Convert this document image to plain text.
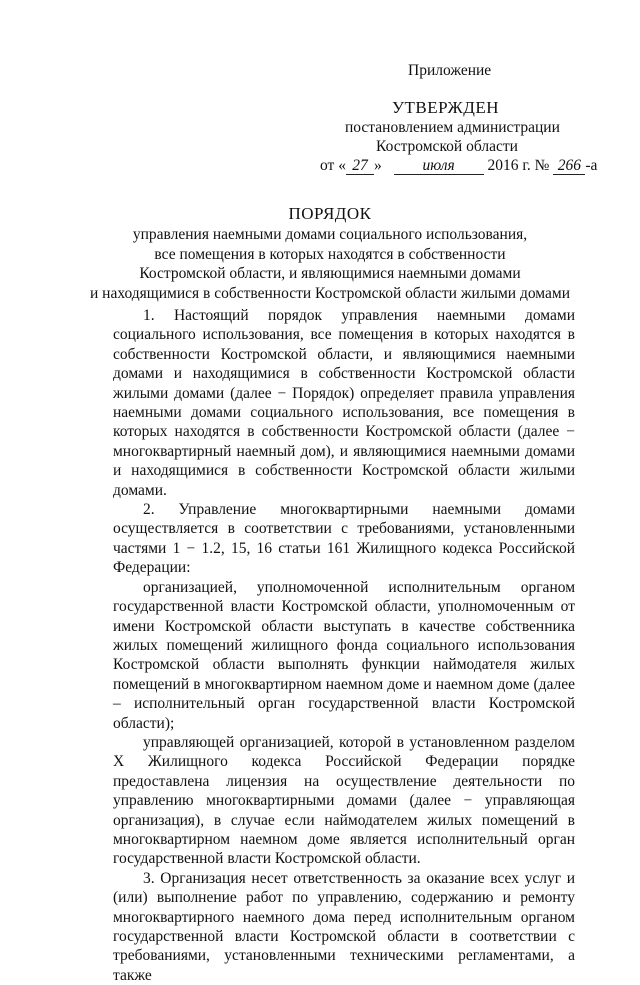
Приложение
УТВЕРЖДЕН
постановлением администрации
Костромской области
от « 27 »	июля 2016 г. № 266 -а
ПОРЯДОК
управления наемными домами социального использования,
все помещения в которых находятся в собственности
Костромской области, и являющимися наемными домами
и находящимися в собственности Костромской области жилыми домами

1. Настоящий порядок управления наемными домами социального использования, все помещения в которых находятся в собственности Костромской области, и являющимися наемными домами и находящимися в собственности Костромской области жилыми домами (далее − Порядок) определяет правила управления наемными домами социального использования, все помещения в которых находятся в собственности Костромской области (далее − многоквартирный наемный дом), и являющимися наемными домами и находящимися в собственности Костромской области жилыми домами.

2. Управление многоквартирными наемными домами осуществляется в соответствии с требованиями, установленными частями 1 − 1.2, 15, 16 статьи 161 Жилищного кодекса Российской Федерации:

организацией, уполномоченной исполнительным органом государственной власти Костромской области, уполномоченным от имени Костромской области выступать в качестве собственника жилых помещений жилищного фонда социального использования Костромской области выполнять функции наймодателя жилых помещений в многоквартирном наемном доме и наемном доме (далее – исполнительный орган государственной власти Костромской области);

управляющей организацией, которой в установленном разделом X Жилищного кодекса Российской Федерации порядке предоставлена лицензия на осуществление деятельности по управлению многоквартирными домами (далее − управляющая организация), в случае если наймодателем жилых помещений в многоквартирном наемном доме является исполнительный орган государственной власти Костромской области.

3. Организация несет ответственность за оказание всех услуг и (или) выполнение работ по управлению, содержанию и ремонту многоквартирного наемного дома перед исполнительным органом государственной власти Костромской области в соответствии с требованиями, установленными техническими регламентами, а также
